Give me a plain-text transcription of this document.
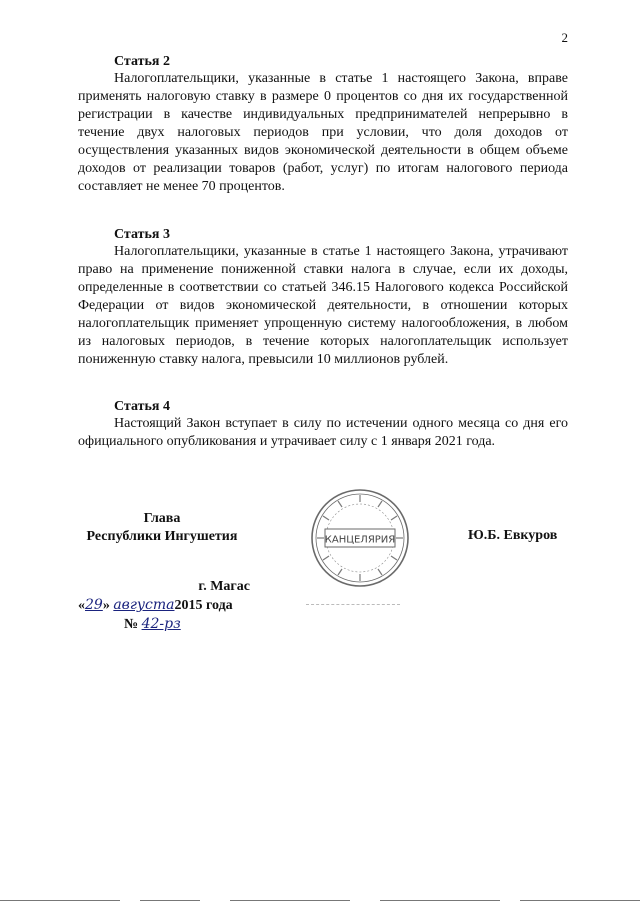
2
Статья 2

Налогоплательщики, указанные в статье 1 настоящего Закона, вправе применять налоговую ставку в размере 0 процентов со дня их государственной регистрации в качестве индивидуальных предпринимателей непрерывно в течение двух налоговых периодов при условии, что доля доходов от осуществления указанных видов экономической деятельности в общем объеме доходов от реализации товаров (работ, услуг) по итогам налогового периода составляет не менее 70 процентов.

Статья 3

Налогоплательщики, указанные в статье 1 настоящего Закона, утрачивают право на применение пониженной ставки налога в случае, если их доходы, определенные в соответствии со статьей 346.15 Налогового кодекса Российской Федерации от видов экономической деятельности, в отношении которых налогоплательщик применяет упрощенную систему налогообложения, в любом из налоговых периодов, в течение которых налогоплательщик использует пониженную ставку налога, превысили 10 миллионов рублей.

Статья 4

Настоящий Закон вступает в силу по истечении одного месяца со дня его официального опубликования и утрачивает силу с 1 января 2021 года.

Глава
Республики Ингушетия	Ю.Б. Евкуров
КАНЦЕЛЯРИЯ
г. Магас
«29» августа2015 года
№ 42-рз
